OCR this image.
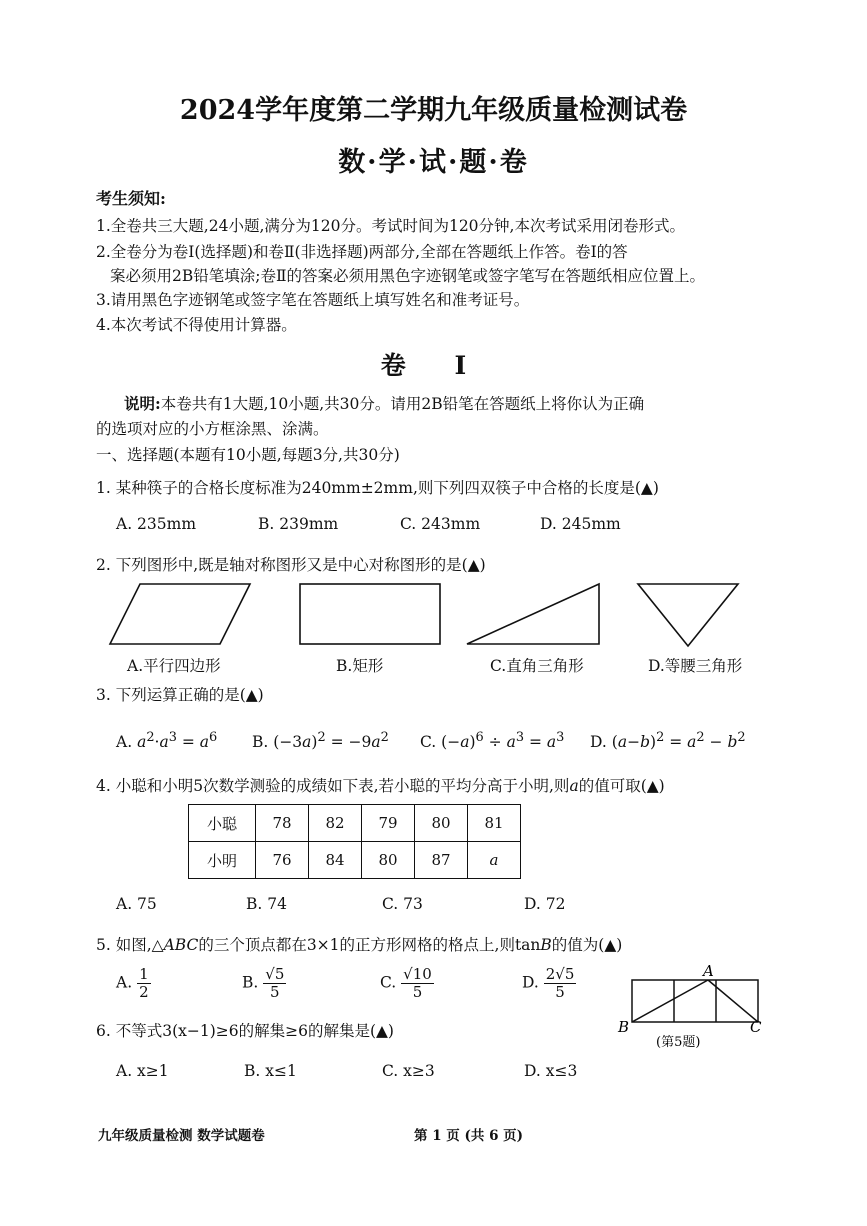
2024学年度第二学期九年级质量检测试卷
数·学·试·题·卷
考生须知:
1.全卷共三大题,24小题,满分为120分。考试时间为120分钟,本次考试采用闭卷形式。
2.全卷分为卷Ⅰ(选择题)和卷Ⅱ(非选择题)两部分,全部在答题纸上作答。卷Ⅰ的答
案必须用2B铅笔填涂;卷Ⅱ的答案必须用黑色字迹钢笔或签字笔写在答题纸相应位置上。
3.请用黑色字迹钢笔或签字笔在答题纸上填写姓名和准考证号。
4.本次考试不得使用计算器。
卷 Ⅰ
说明:本卷共有1大题,10小题,共30分。请用2B铅笔在答题纸上将你认为正确
的选项对应的小方框涂黑、涂满。
一、选择题(本题有10小题,每题3分,共30分)
1. 某种筷子的合格长度标准为240mm±2mm,则下列四双筷子中合格的长度是(▲)
A. 235mm	B. 239mm	C. 243mm	D. 245mm
2. 下列图形中,既是轴对称图形又是中心对称图形的是(▲)
A.平行四边形	B.矩形	C.直角三角形	D.等腰三角形
3. 下列运算正确的是(▲)
A. $a^2\cdot a^3 = a^6$ B. $(-3a)^2 = -9a^2$ C. $(-a)^6 \div a^3 = a^3$ D. $(a-b)^2 = a^2 - b^2$
4. 小聪和小明5次数学测验的成绩如下表,若小聪的平均分高于小明,则a的值可取(▲)
小聪	78	82	79	80	81
小明	76	84	80	87	a
A. 75	B. 74	C. 73	D. 72
5. 如图,△ABC的三个顶点都在3×1的正方形网格的格点上,则tanB的值为(▲)
A. $\frac{1}{2}$	B. $\frac{√5}{5}$	C. $\frac{√10}{5}$	D. $\frac{2√5}{5}$	A
B	C
(第5题)
6. 不等式3(x−1)≥6的解集≥6的解集是(▲)
A. x≥1	B. x≤1	C. x≥3	D. x≤3
九年级质量检测 数学试题卷	第 1 页 (共 6 页)
